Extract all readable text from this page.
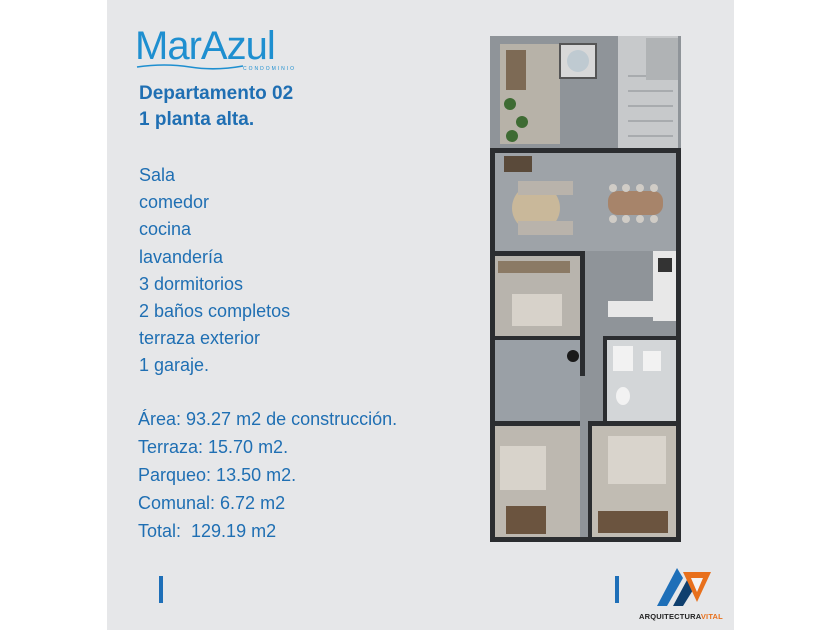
MarAzul
CONDOMINIO
Departamento 02
1 planta alta.
Sala
comedor
cocina
lavandería
3 dormitorios
2 baños completos
terraza exterior
1 garaje.
Área: 93.27 m2 de construcción.
Terraza: 15.70 m2.
Parqueo: 13.50 m2.
Comunal: 6.72 m2
Total:  129.19 m2
ARQUITECTURAVITAL
